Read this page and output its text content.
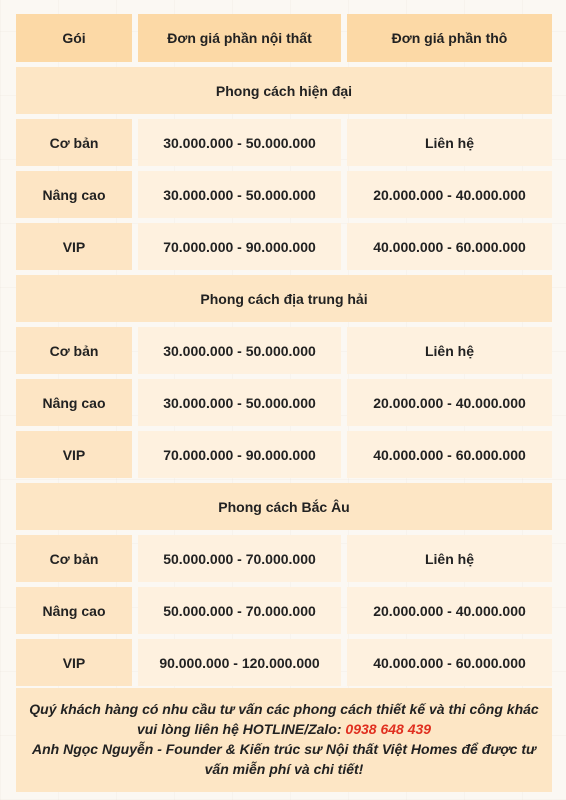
Gói	Đơn giá phần nội thất	Đơn giá phần thô
Phong cách hiện đại
Cơ bản	30.000.000 - 50.000.000	Liên hệ
Nâng cao	30.000.000 - 50.000.000	20.000.000 - 40.000.000
VIP	70.000.000 - 90.000.000	40.000.000 - 60.000.000
Phong cách địa trung hải
Cơ bản	30.000.000 - 50.000.000	Liên hệ
Nâng cao	30.000.000 - 50.000.000	20.000.000 - 40.000.000
VIP	70.000.000 - 90.000.000	40.000.000 - 60.000.000
Phong cách Bắc Âu
Cơ bản	50.000.000 - 70.000.000	Liên hệ
Nâng cao	50.000.000 - 70.000.000	20.000.000 - 40.000.000
VIP	90.000.000 - 120.000.000	40.000.000 - 60.000.000
Quý khách hàng có nhu cầu tư vấn các phong cách thiết kế và thi công khác vui lòng liên hệ HOTLINE/Zalo: 0938 648 439
Anh Ngọc Nguyễn - Founder & Kiến trúc sư Nội thất Việt Homes để được tư vấn miễn phí và chi tiết!
